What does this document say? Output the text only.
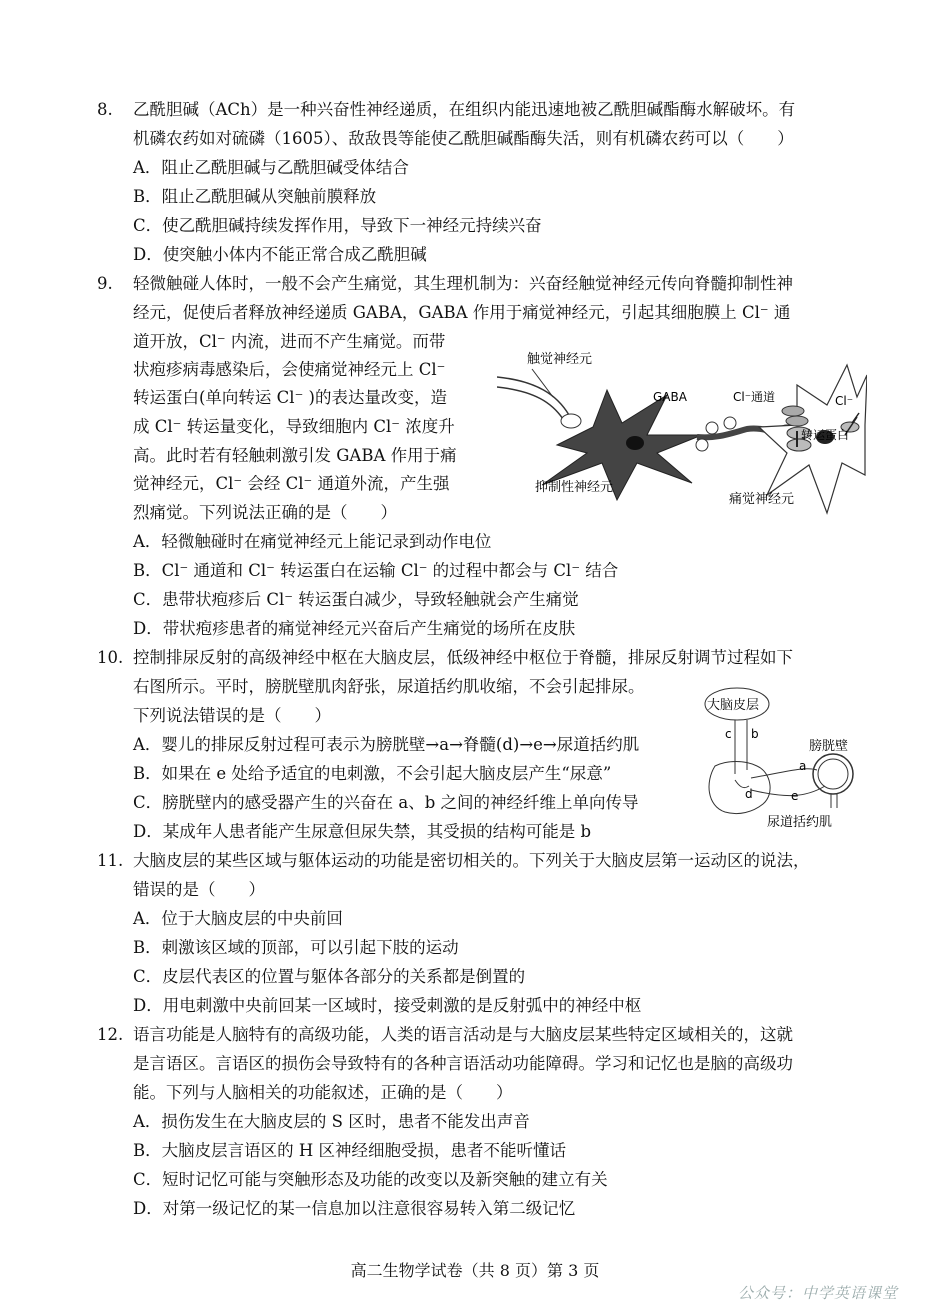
8. 乙酰胆碱（ACh）是一种兴奋性神经递质，在组织内能迅速地被乙酰胆碱酯酶水解破坏。有
机磷农药如对硫磷（1605）、敌敌畏等能使乙酰胆碱酯酶失活，则有机磷农药可以（　　）
A．阻止乙酰胆碱与乙酰胆碱受体结合
B．阻止乙酰胆碱从突触前膜释放
C．使乙酰胆碱持续发挥作用，导致下一神经元持续兴奋
D．使突触小体内不能正常合成乙酰胆碱
9. 轻微触碰人体时，一般不会产生痛觉，其生理机制为：兴奋经触觉神经元传向脊髓抑制性神
经元，促使后者释放神经递质 GABA，GABA 作用于痛觉神经元，引起其细胞膜上 Cl⁻ 通
道开放，Cl⁻ 内流，进而不产生痛觉。而带
状疱疹病毒感染后，会使痛觉神经元上 Cl⁻
转运蛋白(单向转运 Cl⁻ )的表达量改变，造
成 Cl⁻ 转运量变化，导致细胞内 Cl⁻ 浓度升
高。此时若有轻触刺激引发 GABA 作用于痛
觉神经元，Cl⁻ 会经 Cl⁻ 通道外流，产生强
烈痛觉。下列说法正确的是（　　）
A．轻微触碰时在痛觉神经元上能记录到动作电位
B．Cl⁻ 通道和 Cl⁻ 转运蛋白在运输 Cl⁻ 的过程中都会与 Cl⁻ 结合
C．患带状疱疹后 Cl⁻ 转运蛋白减少，导致轻触就会产生痛觉
D．带状疱疹患者的痛觉神经元兴奋后产生痛觉的场所在皮肤
触觉神经元
GABA	Cl⁻通道	Cl⁻
转运蛋白
抑制性神经元
痛觉神经元
10. 控制排尿反射的高级神经中枢在大脑皮层，低级神经中枢位于脊髓，排尿反射调节过程如下
右图所示。平时，膀胱壁肌肉舒张，尿道括约肌收缩，不会引起排尿。
下列说法错误的是（　　）
A．婴儿的排尿反射过程可表示为膀胱壁→a→脊髓(d)→e→尿道括约肌
B．如果在 e 处给予适宜的电刺激，不会引起大脑皮层产生“尿意”
C．膀胱壁内的感受器产生的兴奋在 a、b 之间的神经纤维上单向传导
D．某成年人患者能产生尿意但尿失禁，其受损的结构可能是 b
大脑皮层
c b
d
a
e
膀胱壁
尿道括约肌
11. 大脑皮层的某些区域与躯体运动的功能是密切相关的。下列关于大脑皮层第一运动区的说法，
错误的是（　　）
A．位于大脑皮层的中央前回
B．刺激该区域的顶部，可以引起下肢的运动
C．皮层代表区的位置与躯体各部分的关系都是倒置的
D．用电刺激中央前回某一区域时，接受刺激的是反射弧中的神经中枢
12. 语言功能是人脑特有的高级功能，人类的语言活动是与大脑皮层某些特定区域相关的，这就
是言语区。言语区的损伤会导致特有的各种言语活动功能障碍。学习和记忆也是脑的高级功
能。下列与人脑相关的功能叙述，正确的是（　　）
A．损伤发生在大脑皮层的 S 区时，患者不能发出声音
B．大脑皮层言语区的 H 区神经细胞受损，患者不能听懂话
C．短时记忆可能与突触形态及功能的改变以及新突触的建立有关
D．对第一级记忆的某一信息加以注意很容易转入第二级记忆
高二生物学试卷（共 8 页）第 3 页
公众号：中学英语课堂
